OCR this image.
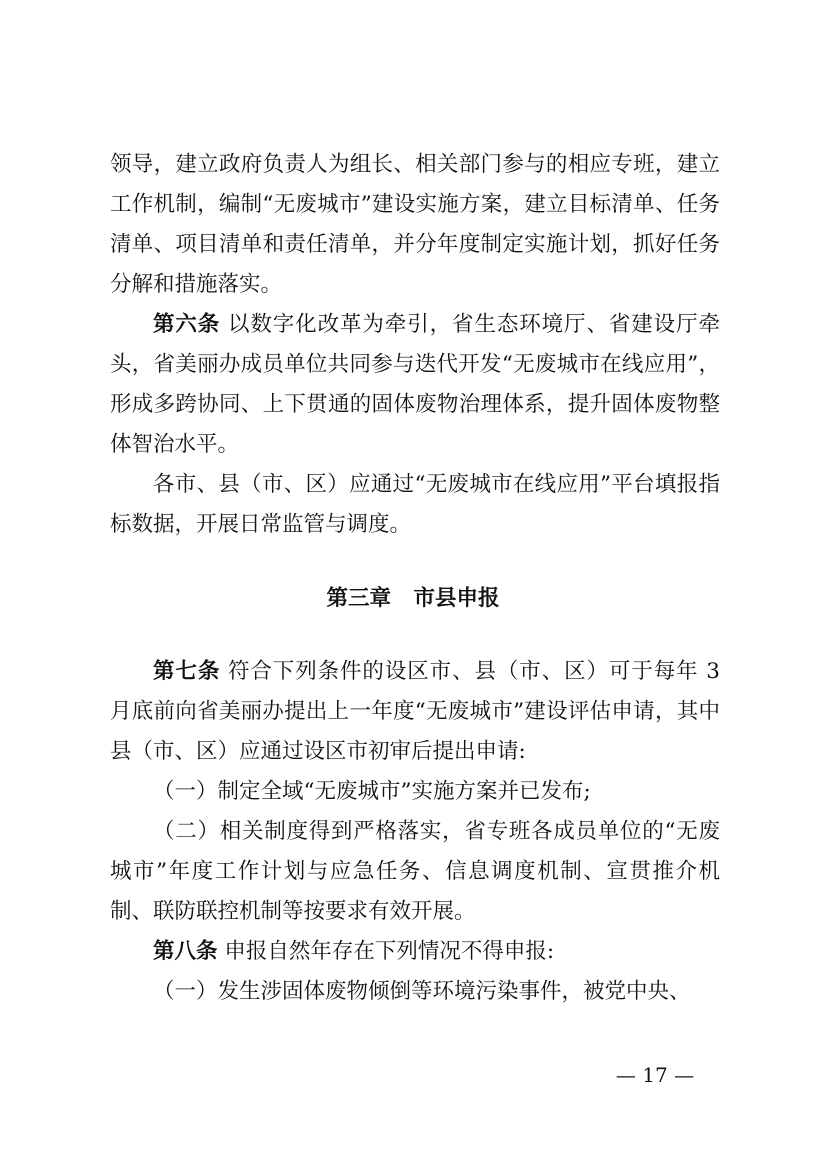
领导，建立政府负责人为组长、相关部门参与的相应专班，建立工作机制，编制“无废城市”建设实施方案，建立目标清单、任务清单、项目清单和责任清单，并分年度制定实施计划，抓好任务分解和措施落实。

第六条 以数字化改革为牵引，省生态环境厅、省建设厅牵头，省美丽办成员单位共同参与迭代开发“无废城市在线应用”，形成多跨协同、上下贯通的固体废物治理体系，提升固体废物整体智治水平。

各市、县（市、区）应通过“无废城市在线应用”平台填报指标数据，开展日常监管与调度。

第三章 市县申报

第七条 符合下列条件的设区市、县（市、区）可于每年 3 月底前向省美丽办提出上一年度“无废城市”建设评估申请，其中县（市、区）应通过设区市初审后提出申请:

（一）制定全域“无废城市”实施方案并已发布;

（二）相关制度得到严格落实，省专班各成员单位的“无废城市”年度工作计划与应急任务、信息调度机制、宣贯推介机制、联防联控机制等按要求有效开展。

第八条 申报自然年存在下列情况不得申报:

（一）发生涉固体废物倾倒等环境污染事件，被党中央、

— 17 —
